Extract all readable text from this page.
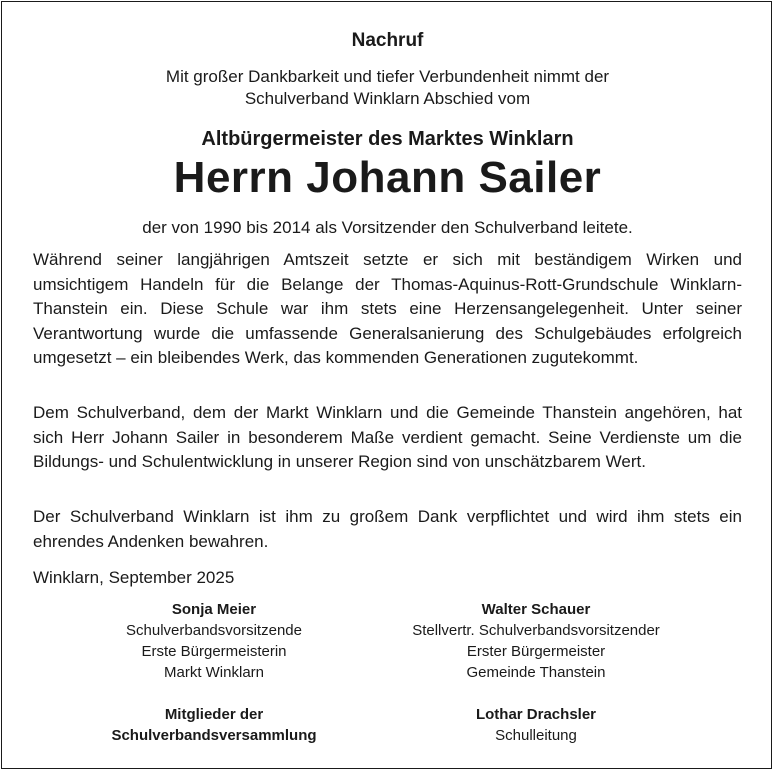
Nachruf
Mit großer Dankbarkeit und tiefer Verbundenheit nimmt der
Schulverband Winklarn Abschied vom
Altbürgermeister des Marktes Winklarn
Herrn Johann Sailer
der von 1990 bis 2014 als Vorsitzender den Schulverband leitete.

Während seiner langjährigen Amtszeit setzte er sich mit beständigem Wirken und umsichtigem Handeln für die Belange der Thomas-Aquinus-Rott-Grundschule Winklarn-Thanstein ein. Diese Schule war ihm stets eine Herzensangelegenheit. Unter seiner Verantwortung wurde die umfassende Generalsanierung des Schulgebäudes erfolgreich umgesetzt – ein bleibendes Werk, das kommenden Generationen zugutekommt.

Dem Schulverband, dem der Markt Winklarn und die Gemeinde Thanstein angehören, hat sich Herr Johann Sailer in besonderem Maße verdient gemacht. Seine Verdienste um die Bildungs- und Schulentwicklung in unserer Region sind von unschätzbarem Wert.

Der Schulverband Winklarn ist ihm zu großem Dank verpflichtet und wird ihm stets ein ehrendes Andenken bewahren.

Winklarn, September 2025

Sonja Meier
Schulverbandsvorsitzende
Erste Bürgermeisterin
Markt Winklarn
Walter Schauer
Stellvertr. Schulverbandsvorsitzender
Erster Bürgermeister
Gemeinde Thanstein
Mitglieder der
Schulverbandsversammlung
Lothar Drachsler
Schulleitung
